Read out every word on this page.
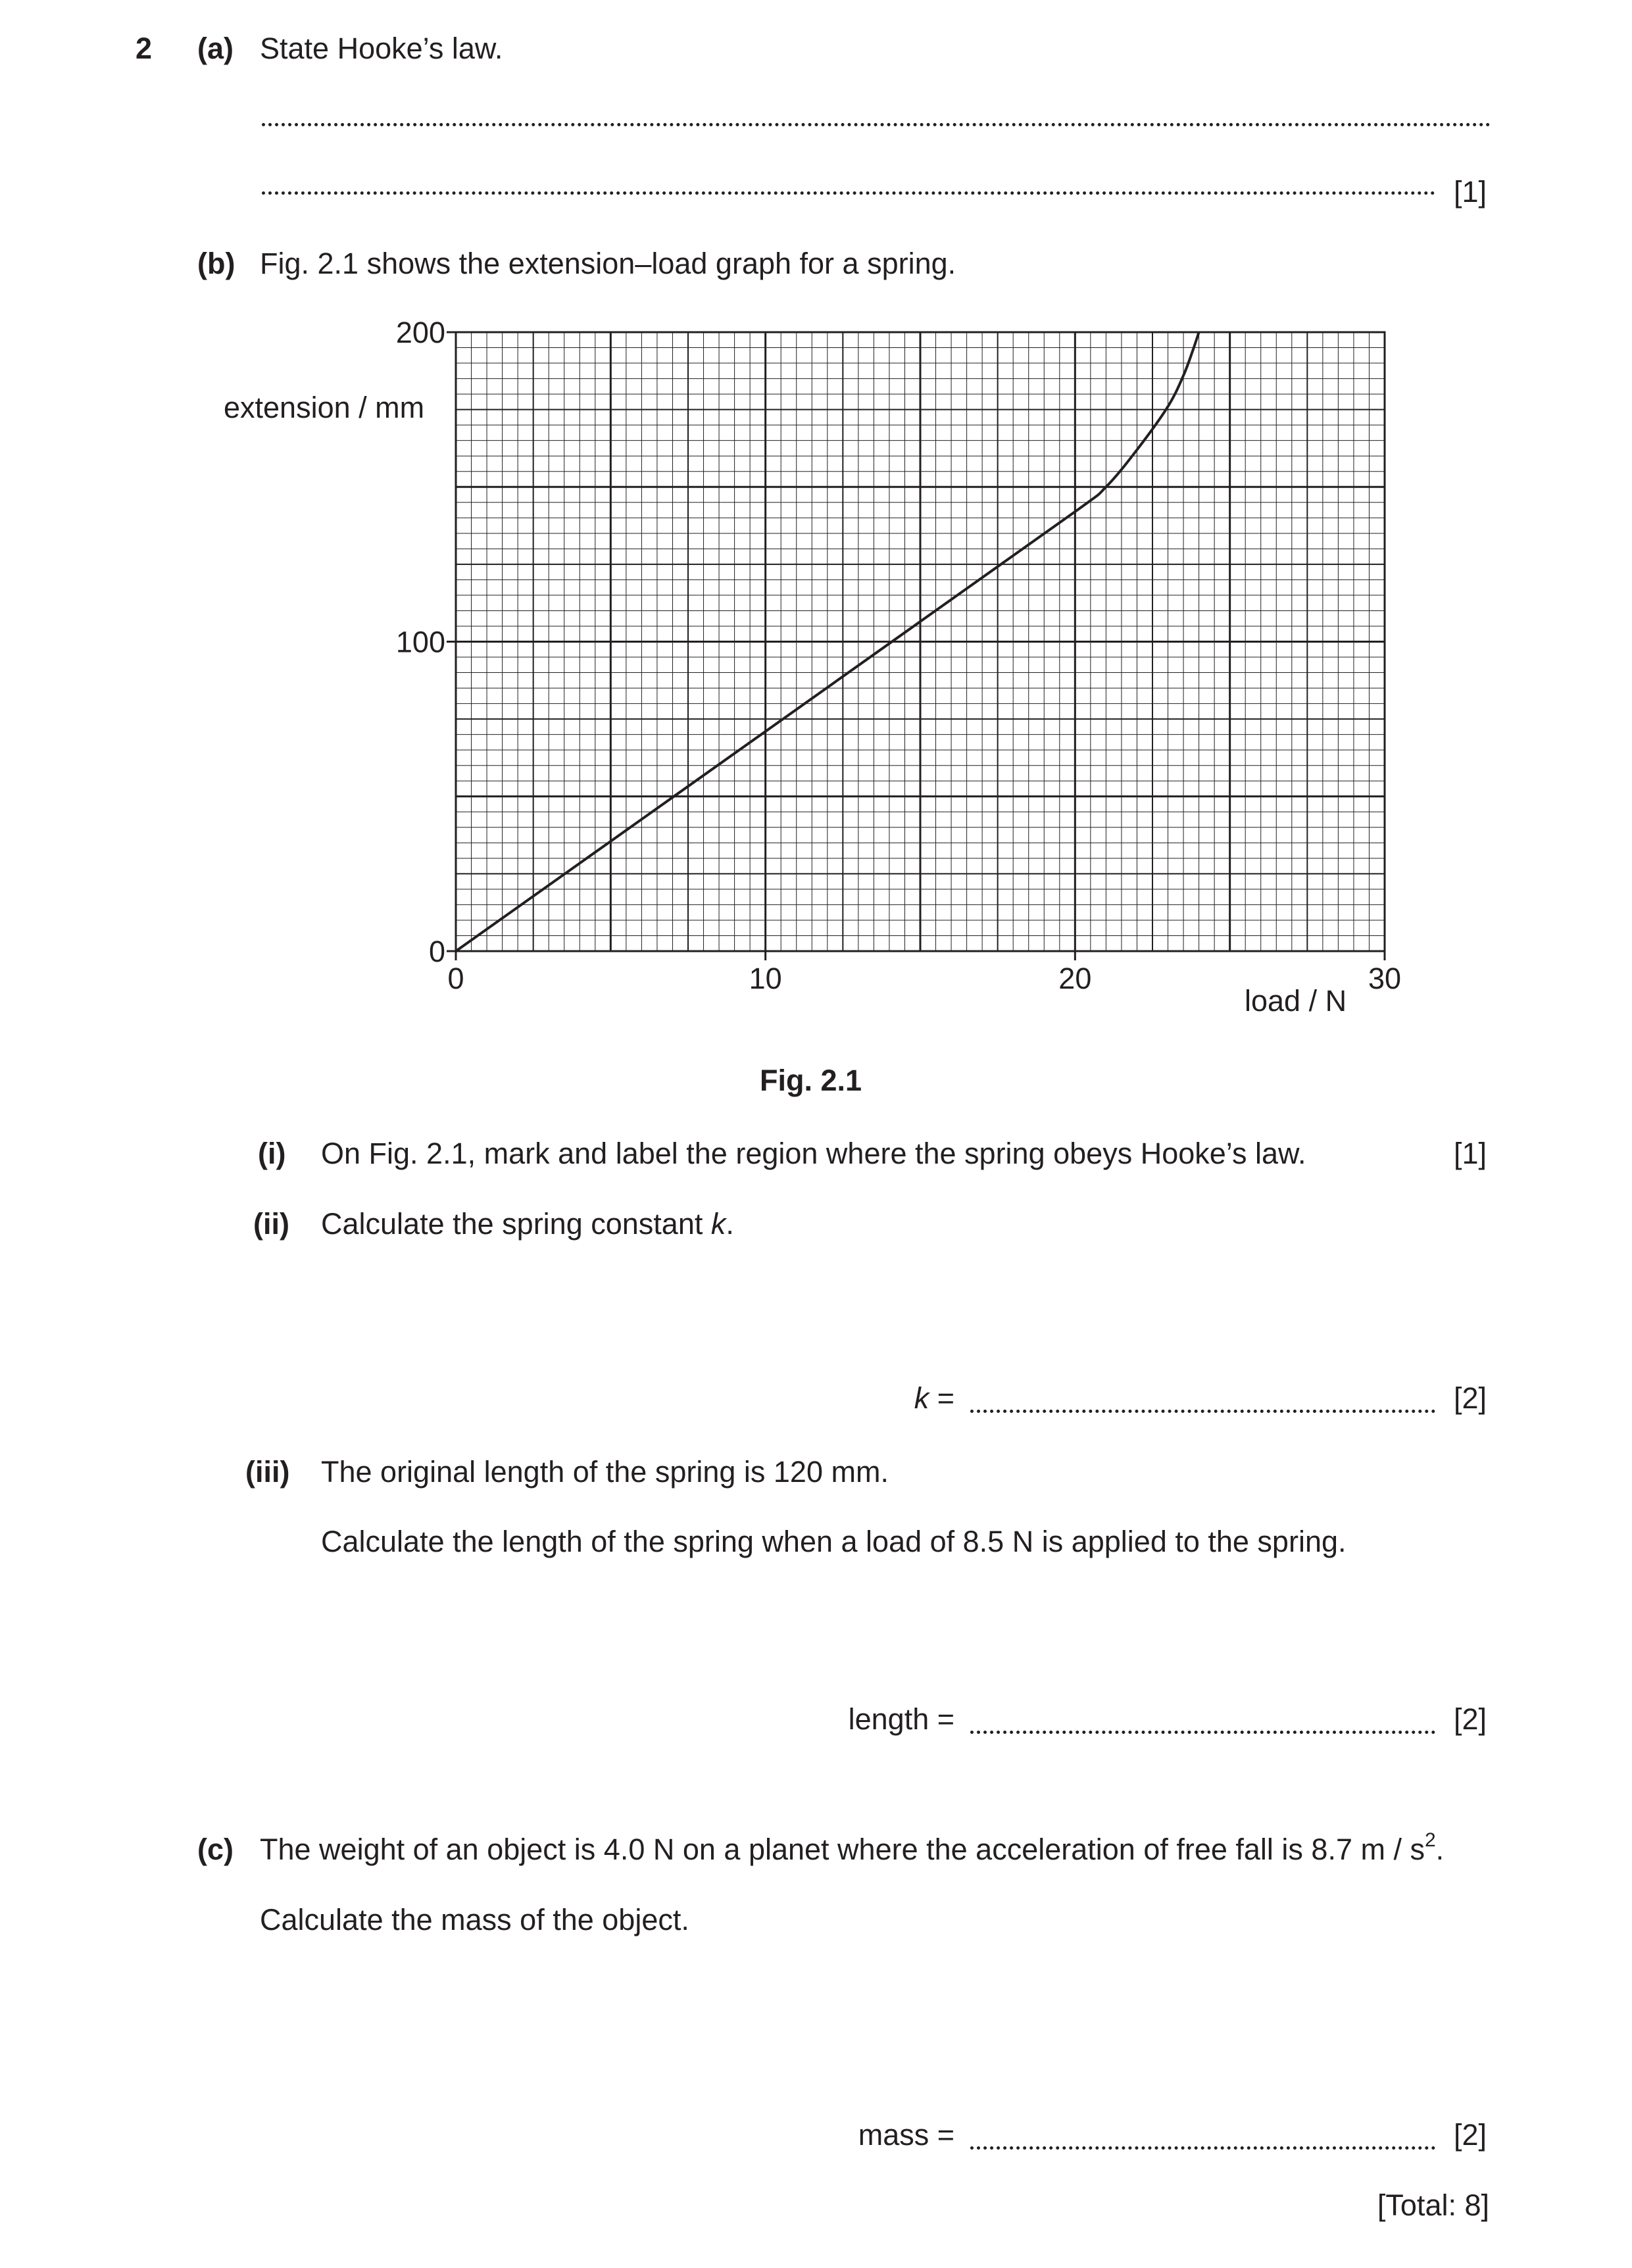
2 (a) State Hooke’s law.
[1]
(b) Fig. 2.1 shows the extension–load graph for a spring.
0	10	20	30
0
100
200
extension / mm
load / N
Fig. 2.1
(i) On Fig. 2.1, mark and label the region where the spring obeys Hooke’s law.	[1]
(ii) Calculate the spring constant k.
k =	[2]
(iii) The original length of the spring is 120 mm.
Calculate the length of the spring when a load of 8.5 N is applied to the spring.
length =	[2]
(c) The weight of an object is 4.0 N on a planet where the acceleration of free fall is 8.7 m / $s^2$.
Calculate the mass of the object.
mass =	[2]
[Total: 8]
